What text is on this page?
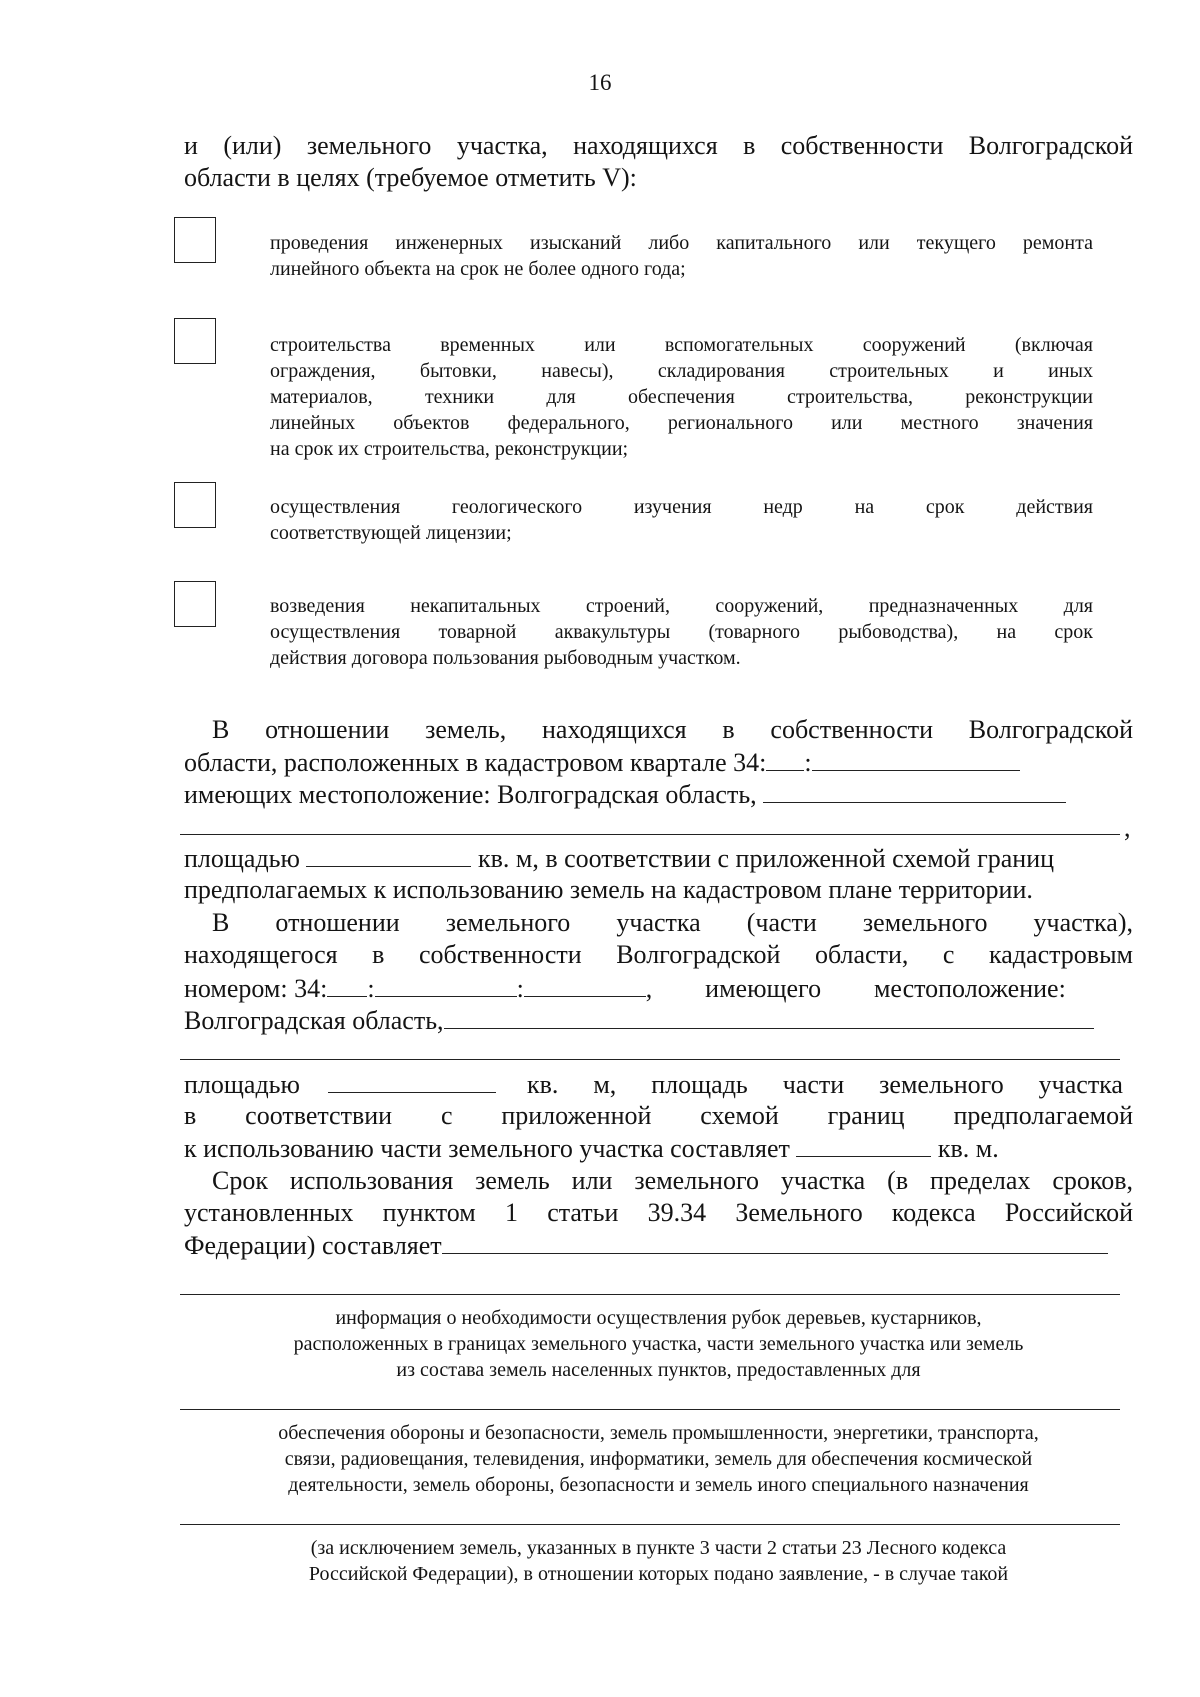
16
и (или) земельного участка, находящихся в собственности Волгоградской
области в целях (требуемое отметить V):
проведения инженерных изысканий либо капитального или текущего ремонта
линейного объекта на срок не более одного года;
строительства временных или вспомогательных сооружений (включая
ограждения, бытовки, навесы), складирования строительных и иных
материалов, техники для обеспечения строительства, реконструкции
линейных объектов федерального, регионального или местного значения
на срок их строительства, реконструкции;
осуществления геологического изучения недр на срок действия
соответствующей лицензии;
возведения некапитальных строений, сооружений, предназначенных для
осуществления товарной аквакультуры (товарного рыбоводства), на срок
действия договора пользования рыбоводным участком.
В отношении земель, находящихся в собственности Волгоградской
области, расположенных в кадастровом квартале 34: :
имеющих местоположение: Волгоградская область,
,
площадью	кв. м, в соответствии с приложенной схемой границ
предполагаемых к использованию земель на кадастровом плане территории.
В отношении земельного участка (части земельного участка),
находящегося в собственности Волгоградской области, с кадастровым
номером: 34: :	:	, имеющего местоположение:
Волгоградская область,
площадью	кв. м, площадь части земельного участка
в соответствии с приложенной схемой границ предполагаемой
к использованию части земельного участка составляет	кв. м.
Срок использования земель или земельного участка (в пределах сроков,
установленных пунктом 1 статьи 39.34 Земельного кодекса Российской
Федерации) составляет
информация о необходимости осуществления рубок деревьев, кустарников,
расположенных в границах земельного участка, части земельного участка или земель
из состава земель населенных пунктов, предоставленных для
обеспечения обороны и безопасности, земель промышленности, энергетики, транспорта,
связи, радиовещания, телевидения, информатики, земель для обеспечения космической
деятельности, земель обороны, безопасности и земель иного специального назначения
(за исключением земель, указанных в пункте 3 части 2 статьи 23 Лесного кодекса
Российской Федерации), в отношении которых подано заявление, - в случае такой
